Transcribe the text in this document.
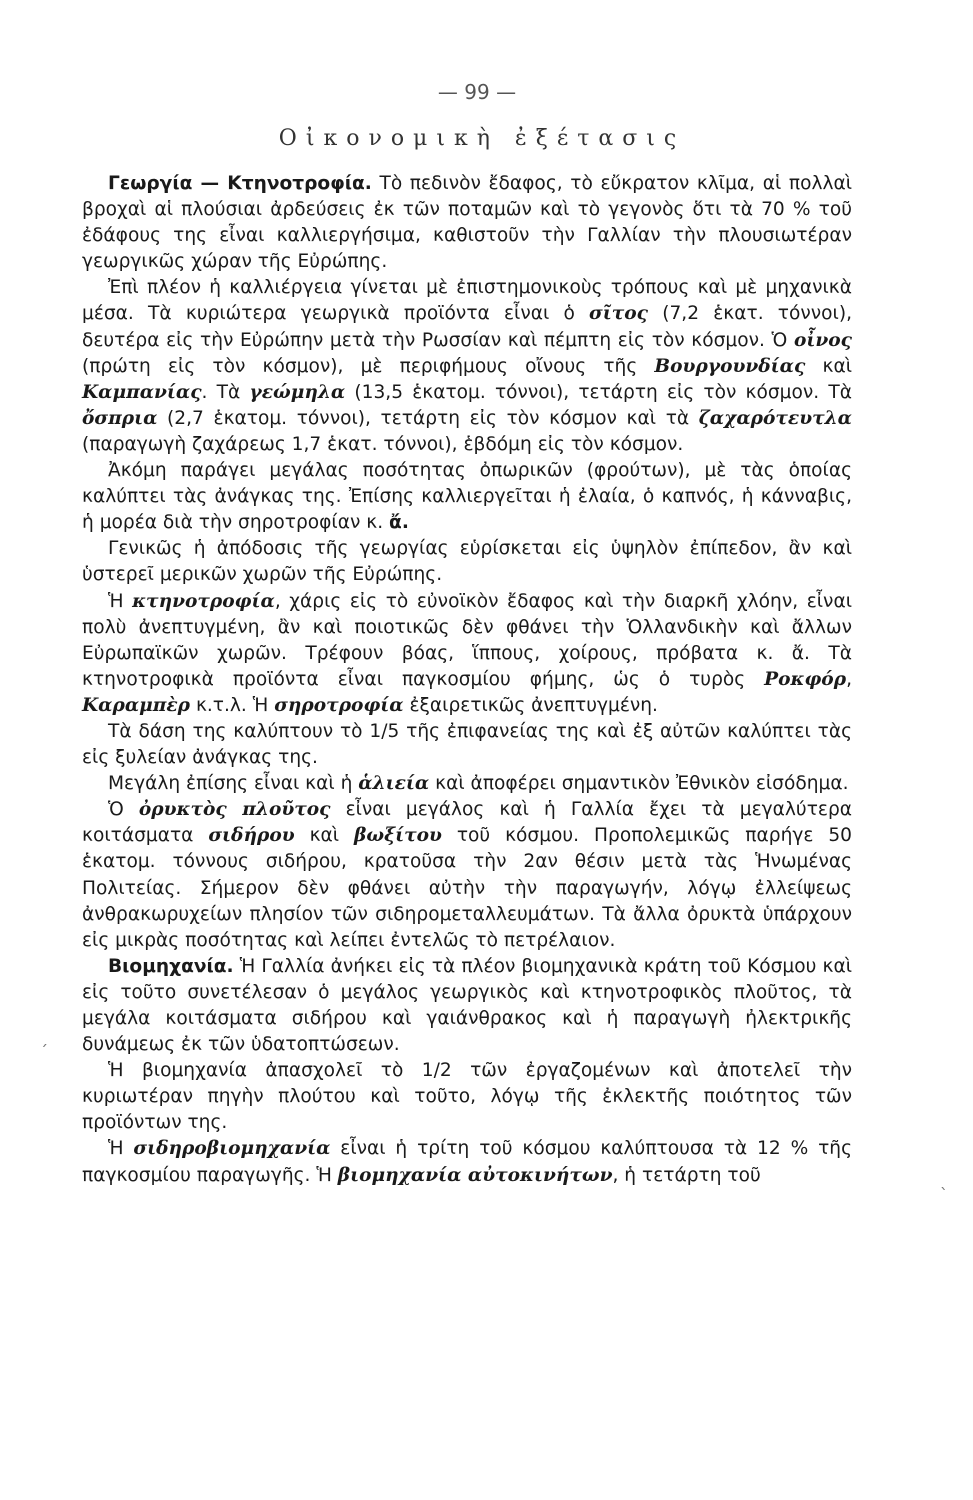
— 99 —
Οἰκονομικὴ ἐξέτασις

Γεωργία — Κτηνοτροφία. Τὸ πεδινὸν ἔδαφος, τὸ εὔκρατον κλῖμα, αἱ πολλαὶ βροχαὶ αἱ πλούσιαι ἀρδεύσεις ἐκ τῶν ποταμῶν καὶ τὸ γεγονὸς ὅτι τὰ 70 % τοῦ ἐδάφους της εἶναι καλλιεργήσιμα, καθιστοῦν τὴν Γαλλίαν τὴν πλουσιωτέραν γεωργικῶς χώραν τῆς Εὐρώπης.

Ἐπὶ πλέον ἡ καλλιέργεια γίνεται μὲ ἐπιστημονικοὺς τρόπους καὶ μὲ μηχανικὰ μέσα. Τὰ κυριώτερα γεωργικὰ προϊόντα εἶναι ὁ σῖτος (7,2 ἑκατ. τόννοι), δευτέρα εἰς τὴν Εὐρώπην μετὰ τὴν Ρωσσίαν καὶ πέμπτη εἰς τὸν κόσμον. Ὁ οἶνος (πρώτη εἰς τὸν κόσμον), μὲ περιφήμους οἴνους τῆς Βουργουνδίας καὶ Καμπανίας. Τὰ γεώμηλα (13,5 ἑκατομ. τόννοι), τετάρτη εἰς τὸν κόσμον. Τὰ ὄσπρια (2,7 ἑκατομ. τόννοι), τετάρτη εἰς τὸν κόσμον καὶ τὰ ζαχαρότευτλα (παραγωγὴ ζαχάρεως 1,7 ἑκατ. τόννοι), ἑβδόμη εἰς τὸν κόσμον.

Ἀκόμη παράγει μεγάλας ποσότητας ὀπωρικῶν (φρούτων), μὲ τὰς ὁποίας καλύπτει τὰς ἀνάγκας της. Ἐπίσης καλλιεργεῖται ἡ ἐλαία, ὁ καπνός, ἡ κάνναβις, ἡ μορέα διὰ τὴν σηροτροφίαν κ. ἄ.

Γενικῶς ἡ ἀπόδοσις τῆς γεωργίας εὑρίσκεται εἰς ὑψηλὸν ἐπίπεδον, ἂν καὶ ὑστερεῖ μερικῶν χωρῶν τῆς Εὐρώπης.

Ἡ κτηνοτροφία, χάρις εἰς τὸ εὐνοϊκὸν ἔδαφος καὶ τὴν διαρκῆ χλόην, εἶναι πολὺ ἀνεπτυγμένη, ἂν καὶ ποιοτικῶς δὲν φθάνει τὴν Ὁλλανδικὴν καὶ ἄλλων Εὐρωπαϊκῶν χωρῶν. Τρέφουν βόας, ἵππους, χοίρους, πρόβατα κ. ἄ. Τὰ κτηνοτροφικὰ προϊόντα εἶναι παγκοσμίου φήμης, ὡς ὁ τυρὸς Ροκφόρ, Καραμπὲρ κ.τ.λ. Ἡ σηροτροφία ἐξαιρετικῶς ἀνεπτυγμένη.

Τὰ δάση της καλύπτουν τὸ 1/5 τῆς ἐπιφανείας της καὶ ἐξ αὐτῶν καλύπτει τὰς εἰς ξυλείαν ἀνάγκας της.

Μεγάλη ἐπίσης εἶναι καὶ ἡ ἁλιεία καὶ ἀποφέρει σημαντικὸν Ἐθνικὸν εἰσόδημα.

Ὁ ὀρυκτὸς πλοῦτος εἶναι μεγάλος καὶ ἡ Γαλλία ἔχει τὰ μεγαλύτερα κοιτάσματα σιδήρου καὶ βωξίτου τοῦ κόσμου. Προπολεμικῶς παρήγε 50 ἑκατομ. τόννους σιδήρου, κρατοῦσα τὴν 2αν θέσιν μετὰ τὰς Ἡνωμένας Πολιτείας. Σήμερον δὲν φθάνει αὐτὴν τὴν παραγωγήν, λόγῳ ἐλλείψεως ἀνθρακωρυχείων πλησίον τῶν σιδηρομεταλλευμάτων. Τὰ ἄλλα ὀρυκτὰ ὑπάρχουν εἰς μικρὰς ποσότητας καὶ λείπει ἐντελῶς τὸ πετρέλαιον.

Βιομηχανία. Ἡ Γαλλία ἀνήκει εἰς τὰ πλέον βιομηχανικὰ κράτη τοῦ Κόσμου καὶ εἰς τοῦτο συνετέλεσαν ὁ μεγάλος γεωργικὸς καὶ κτηνοτροφικὸς πλοῦτος, τὰ μεγάλα κοιτάσματα σιδήρου καὶ γαιάνθρακος καὶ ἡ παραγωγὴ ἠλεκτρικῆς δυνάμεως ἐκ τῶν ὑδατοπτώσεων.

Ἡ βιομηχανία ἀπασχολεῖ τὸ 1/2 τῶν ἐργαζομένων καὶ ἀποτελεῖ τὴν κυριωτέραν πηγὴν πλούτου καὶ τοῦτο, λόγῳ τῆς ἐκλεκτῆς ποιότητος τῶν προϊόντων της.

Ἡ σιδηροβιομηχανία εἶναι ἡ τρίτη τοῦ κόσμου καλύπτουσα τὰ 12 % τῆς παγκοσμίου παραγωγῆς. Ἡ βιομηχανία αὐτοκινήτων, ἡ τετάρτη τοῦ

´
`
